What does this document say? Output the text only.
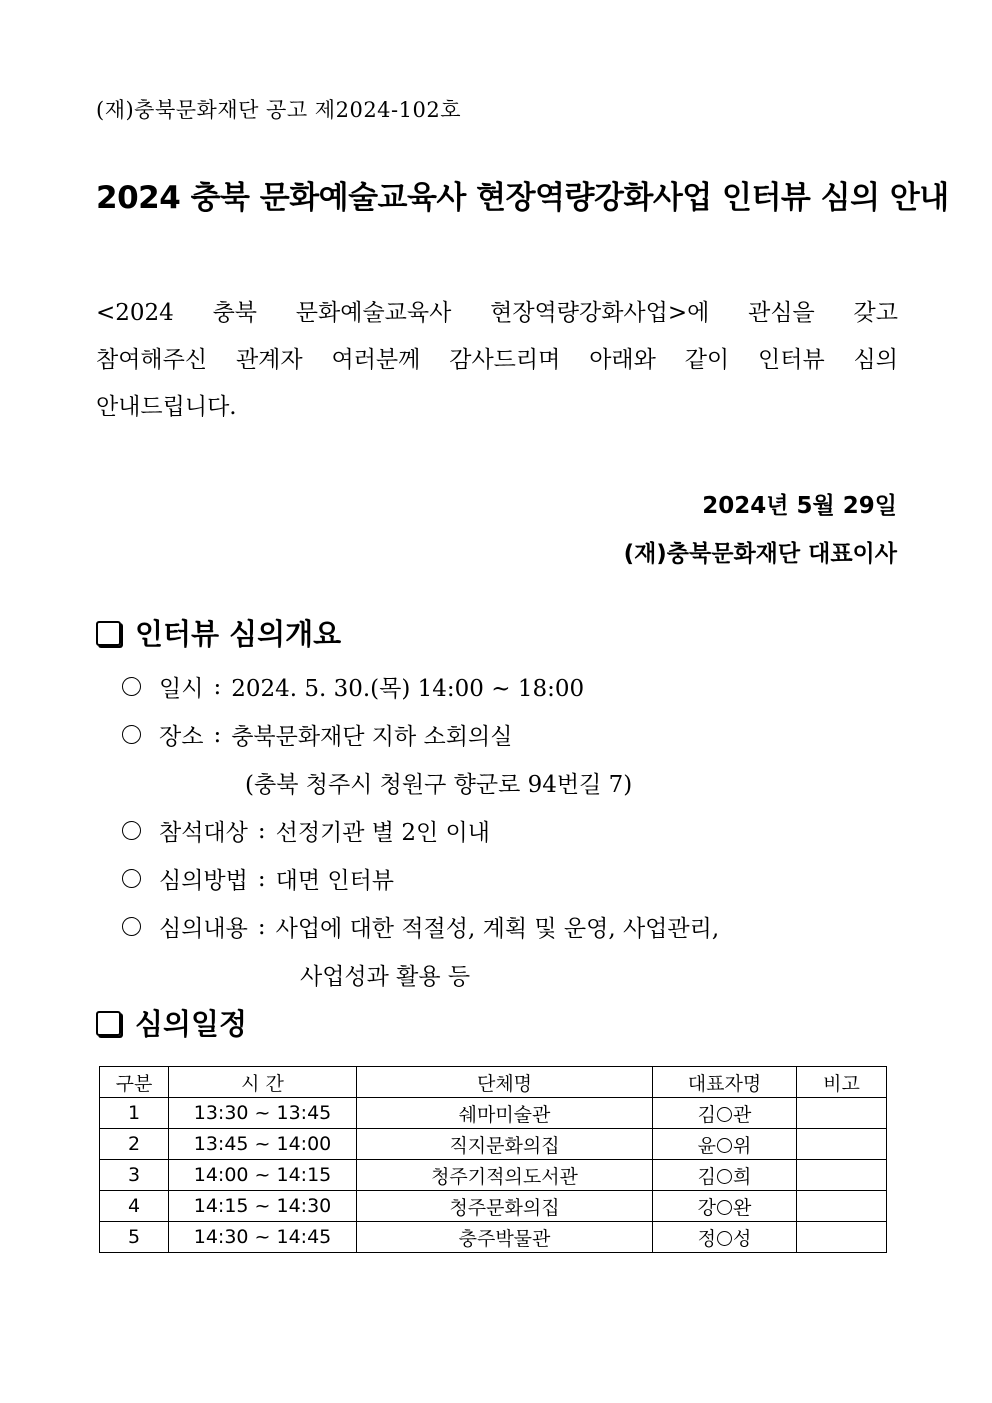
(재)충북문화재단 공고 제2024-102호
2024 충북 문화예술교육사 현장역량강화사업 인터뷰 심의 안내
<2024 충북 문화예술교육사 현장역량강화사업>에 관심을 갖고
참여해주신 관계자 여러분께 감사드리며 아래와 같이 인터뷰 심의
안내드립니다.
2024년 5월 29일
(재)충북문화재단 대표이사
인터뷰 심의개요
일시 : 2024. 5. 30.(목) 14:00 ~ 18:00
장소 : 충북문화재단 지하 소회의실
(충북 청주시 청원구 향군로 94번길 7)
참석대상 : 선정기관 별 2인 이내
심의방법 : 대면 인터뷰
심의내용 : 사업에 대한 적절성, 계획 및 운영, 사업관리,
사업성과 활용 등
심의일정
구분	시 간	단체명	대표자명	비고
1	13:30 ~ 13:45	쉐마미술관	김 관	
2	13:45 ~ 14:00	직지문화의집	윤 위	
3	14:00 ~ 14:15	청주기적의도서관	김 희	
4	14:15 ~ 14:30	청주문화의집	강 완	
5	14:30 ~ 14:45	충주박물관	정 성	
